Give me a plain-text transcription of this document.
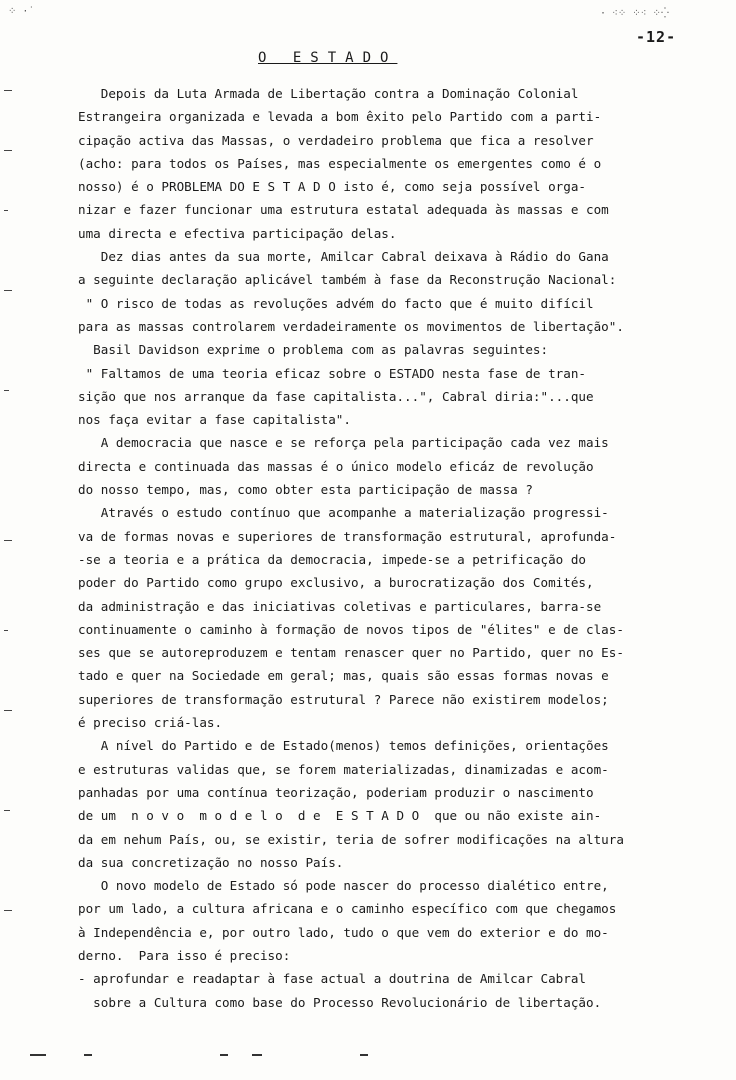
⁘ ·˙	· ⁖⁘ ⁘⁖ ⁘⁛
-12-
O ESTADO
Depois da Luta Armada de Libertação contra a Dominação Colonial
Estrangeira organizada e levada a bom êxito pelo Partido com a parti-
cipação activa das Massas, o verdadeiro problema que fica a resolver
(acho: para todos os Países, mas especialmente os emergentes como é o
nosso) é o PROBLEMA DO E S T A D O isto é, como seja possível orga-
nizar e fazer funcionar uma estrutura estatal adequada às massas e com
uma directa e efectiva participação delas.
Dez dias antes da sua morte, Amilcar Cabral deixava à Rádio do Gana
a seguinte declaração aplicável também à fase da Reconstrução Nacional:
" O risco de todas as revoluções advém do facto que é muito difícil
para as massas controlarem verdadeiramente os movimentos de libertação".
Basil Davidson exprime o problema com as palavras seguintes:
" Faltamos de uma teoria eficaz sobre o ESTADO nesta fase de tran-
sição que nos arranque da fase capitalista...", Cabral diria:"...que
nos faça evitar a fase capitalista".
A democracia que nasce e se reforça pela participação cada vez mais
directa e continuada das massas é o único modelo eficáz de revolução
do nosso tempo, mas, como obter esta participação de massa ?
Através o estudo contínuo que acompanhe a materialização progressi-
va de formas novas e superiores de transformação estrutural, aprofunda-
-se a teoria e a prática da democracia, impede-se a petrificação do
poder do Partido como grupo exclusivo, a burocratização dos Comités,
da administração e das iniciativas coletivas e particulares, barra-se
continuamente o caminho à formação de novos tipos de "élites" e de clas-
ses que se autoreproduzem e tentam renascer quer no Partido, quer no Es-
tado e quer na Sociedade em geral; mas, quais são essas formas novas e
superiores de transformação estrutural ? Parece não existirem modelos;
é preciso criá-las.
A nível do Partido e de Estado(menos) temos definições, orientações
e estruturas validas que, se forem materializadas, dinamizadas e acom-
panhadas por uma contínua teorização, poderiam produzir o nascimento
de um  n o v o  m o d e l o  d e  E S T A D O  que ou não existe ain-
da em nehum País, ou, se existir, teria de sofrer modificações na altura
da sua concretização no nosso País.
O novo modelo de Estado só pode nascer do processo dialético entre,
por um lado, a cultura africana e o caminho específico com que chegamos
à Independência e, por outro lado, tudo o que vem do exterior e do mo-
derno.  Para isso é preciso:
- aprofundar e readaptar à fase actual a doutrina de Amilcar Cabral
sobre a Cultura como base do Processo Revolucionário de libertação.
